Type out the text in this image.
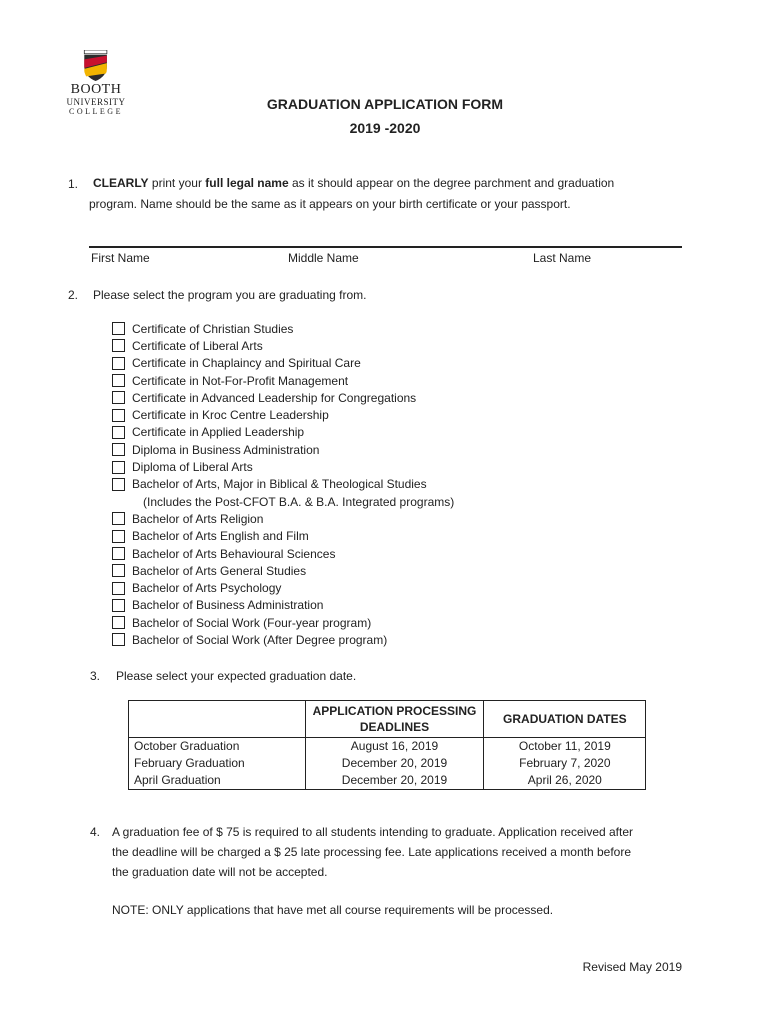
BOOTH
UNIVERSITY
COLLEGE	GRADUATION APPLICATION FORM
2019 -2020
1. CLEARLY print your full legal name as it should appear on the degree parchment and graduation
program. Name should be the same as it appears on your birth certificate or your passport.
First Name	Middle Name	Last Name
2. Please select the program you are graduating from.
Certificate of Christian Studies
Certificate of Liberal Arts
Certificate in Chaplaincy and Spiritual Care
Certificate in Not-For-Profit Management
Certificate in Advanced Leadership for Congregations
Certificate in Kroc Centre Leadership
Certificate in Applied Leadership
Diploma in Business Administration
Diploma of Liberal Arts
Bachelor of Arts, Major in Biblical & Theological Studies
(Includes the Post-CFOT B.A. & B.A. Integrated programs)
Bachelor of Arts Religion
Bachelor of Arts English and Film
Bachelor of Arts Behavioural Sciences
Bachelor of Arts General Studies
Bachelor of Arts Psychology
Bachelor of Business Administration
Bachelor of Social Work (Four-year program)
Bachelor of Social Work (After Degree program)
3. Please select your expected graduation date.
	APPLICATION PROCESSING DEADLINES	GRADUATION DATES
October Graduation	August 16, 2019	October 11, 2019
February Graduation	December 20, 2019	February 7, 2020
April Graduation	December 20, 2019	April 26, 2020
4. A graduation fee of $ 75 is required to all students intending to graduate. Application received after
the deadline will be charged a $ 25 late processing fee. Late applications received a month before
the graduation date will not be accepted.
NOTE: ONLY applications that have met all course requirements will be processed.
Revised May 2019
